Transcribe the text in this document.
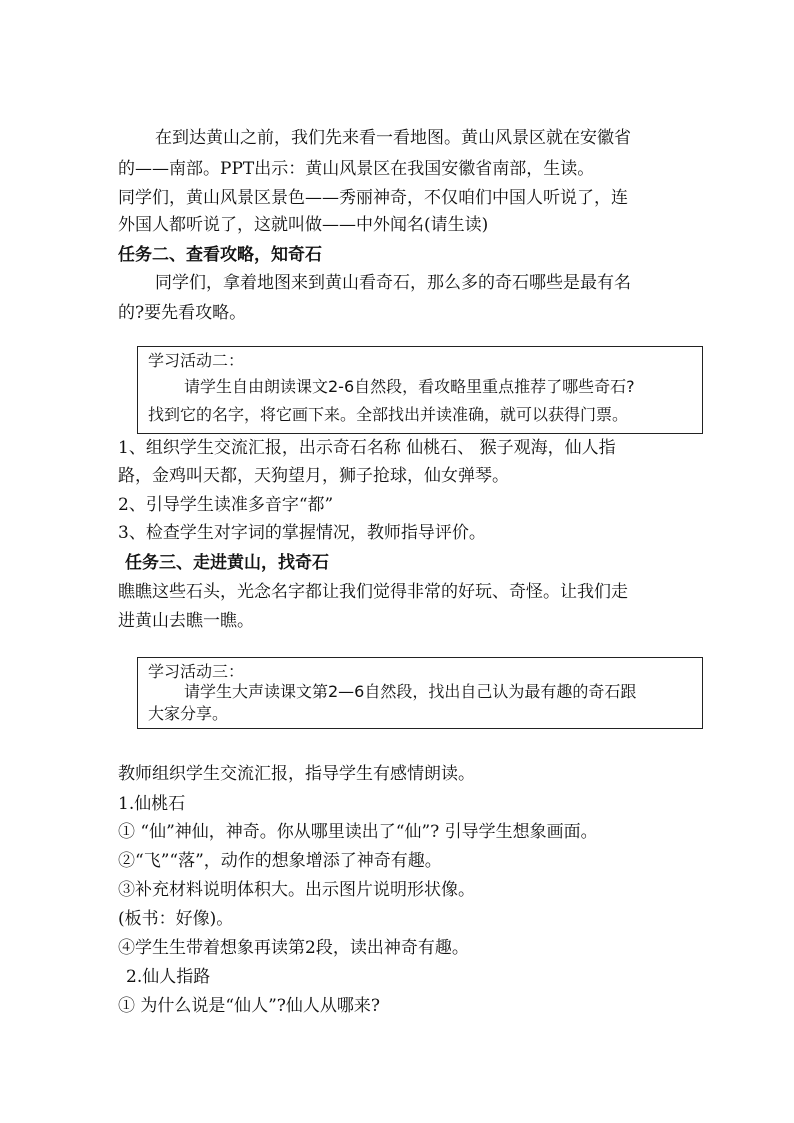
在到达黄山之前，我们先来看一看地图。黄山风景区就在安徽省

的——南部。PPT出示：黄山风景区在我国安徽省南部，生读。

同学们，黄山风景区景色——秀丽神奇，不仅咱们中国人听说了，连

外国人都听说了，这就叫做——中外闻名(请生读)

任务二、查看攻略，知奇石

同学们，拿着地图来到黄山看奇石，那么多的奇石哪些是最有名

的?要先看攻略。

学习活动二：

请学生自由朗读课文2-6自然段，看攻略里重点推荐了哪些奇石?

找到它的名字，将它画下来。全部找出并读准确，就可以获得门票。

1、组织学生交流汇报，出示奇石名称 仙桃石、 猴子观海，仙人指

路，金鸡叫天都，天狗望月，狮子抢球，仙女弹琴。

2、引导学生读准多音字“都”

3、检查学生对字词的掌握情况，教师指导评价。

任务三、走进黄山，找奇石

瞧瞧这些石头，光念名字都让我们觉得非常的好玩、奇怪。让我们走

进黄山去瞧一瞧。

学习活动三：

请学生大声读课文第2—6自然段，找出自己认为最有趣的奇石跟

大家分享。

教师组织学生交流汇报，指导学生有感情朗读。

1.仙桃石

① “仙”神仙，神奇。你从哪里读出了“仙”? 引导学生想象画面。

②“飞”“落”，动作的想象增添了神奇有趣。

③补充材料说明体积大。出示图片说明形状像。

(板书：好像)。

④学生生带着想象再读第2段，读出神奇有趣。

2.仙人指路

① 为什么说是“仙人”?仙人从哪来?
